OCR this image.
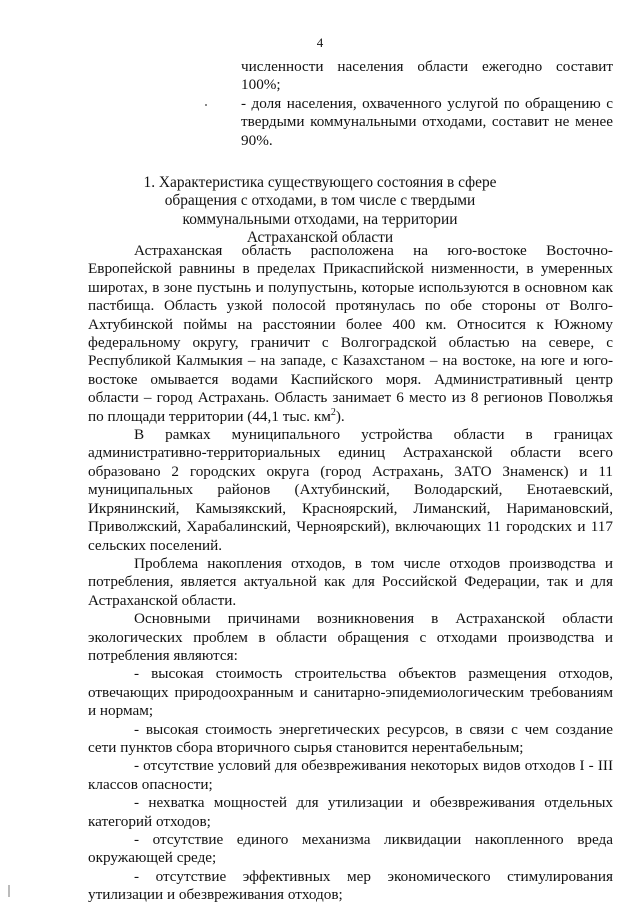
4
численности населения области ежегодно составит 100%;
- доля населения, охваченного услугой по обращению с твердыми коммунальными отходами, составит не менее 90%.
1. Характеристика существующего состояния в сфере обращения с отходами, в том числе с твердыми коммунальными отходами, на территории Астраханской области

Астраханская область расположена на юго-востоке Восточно-Европейской равнины в пределах Прикаспийской низменности, в умеренных широтах, в зоне пустынь и полупустынь, которые используются в основном как пастбища. Область узкой полосой протянулась по обе стороны от Волго-Ахтубинской поймы на расстоянии более 400 км. Относится к Южному федеральному округу, граничит с Волгоградской областью на севере, с Республикой Калмыкия – на западе, с Казахстаном – на востоке, на юге и юго-востоке омывается водами Каспийского моря. Административный центр области – город Астрахань. Область занимает 6 место из 8 регионов Поволжья по площади территории (44,1 тыс. $км^2$).

В рамках муниципального устройства области в границах административно-территориальных единиц Астраханской области всего образовано 2 городских округа (город Астрахань, ЗАТО Знаменск) и 11 муниципальных районов (Ахтубинский, Володарский, Енотаевский, Икрянинский, Камызякский, Красноярский, Лиманский, Наримановский, Приволжский, Харабалинский, Черноярский), включающих 11 городских и 117 сельских поселений.

Проблема накопления отходов, в том числе отходов производства и потребления, является актуальной как для Российской Федерации, так и для Астраханской области.

Основными причинами возникновения в Астраханской области экологических проблем в области обращения с отходами производства и потребления являются:

- высокая стоимость строительства объектов размещения отходов, отвечающих природоохранным и санитарно-эпидемиологическим требованиям и нормам;

- высокая стоимость энергетических ресурсов, в связи с чем создание сети пунктов сбора вторичного сырья становится нерентабельным;

- отсутствие условий для обезвреживания некоторых видов отходов I - III классов опасности;

- нехватка мощностей для утилизации и обезвреживания отдельных категорий отходов;

- отсутствие единого механизма ликвидации накопленного вреда окружающей среде;

- отсутствие эффективных мер экономического стимулирования утилизации и обезвреживания отходов;
